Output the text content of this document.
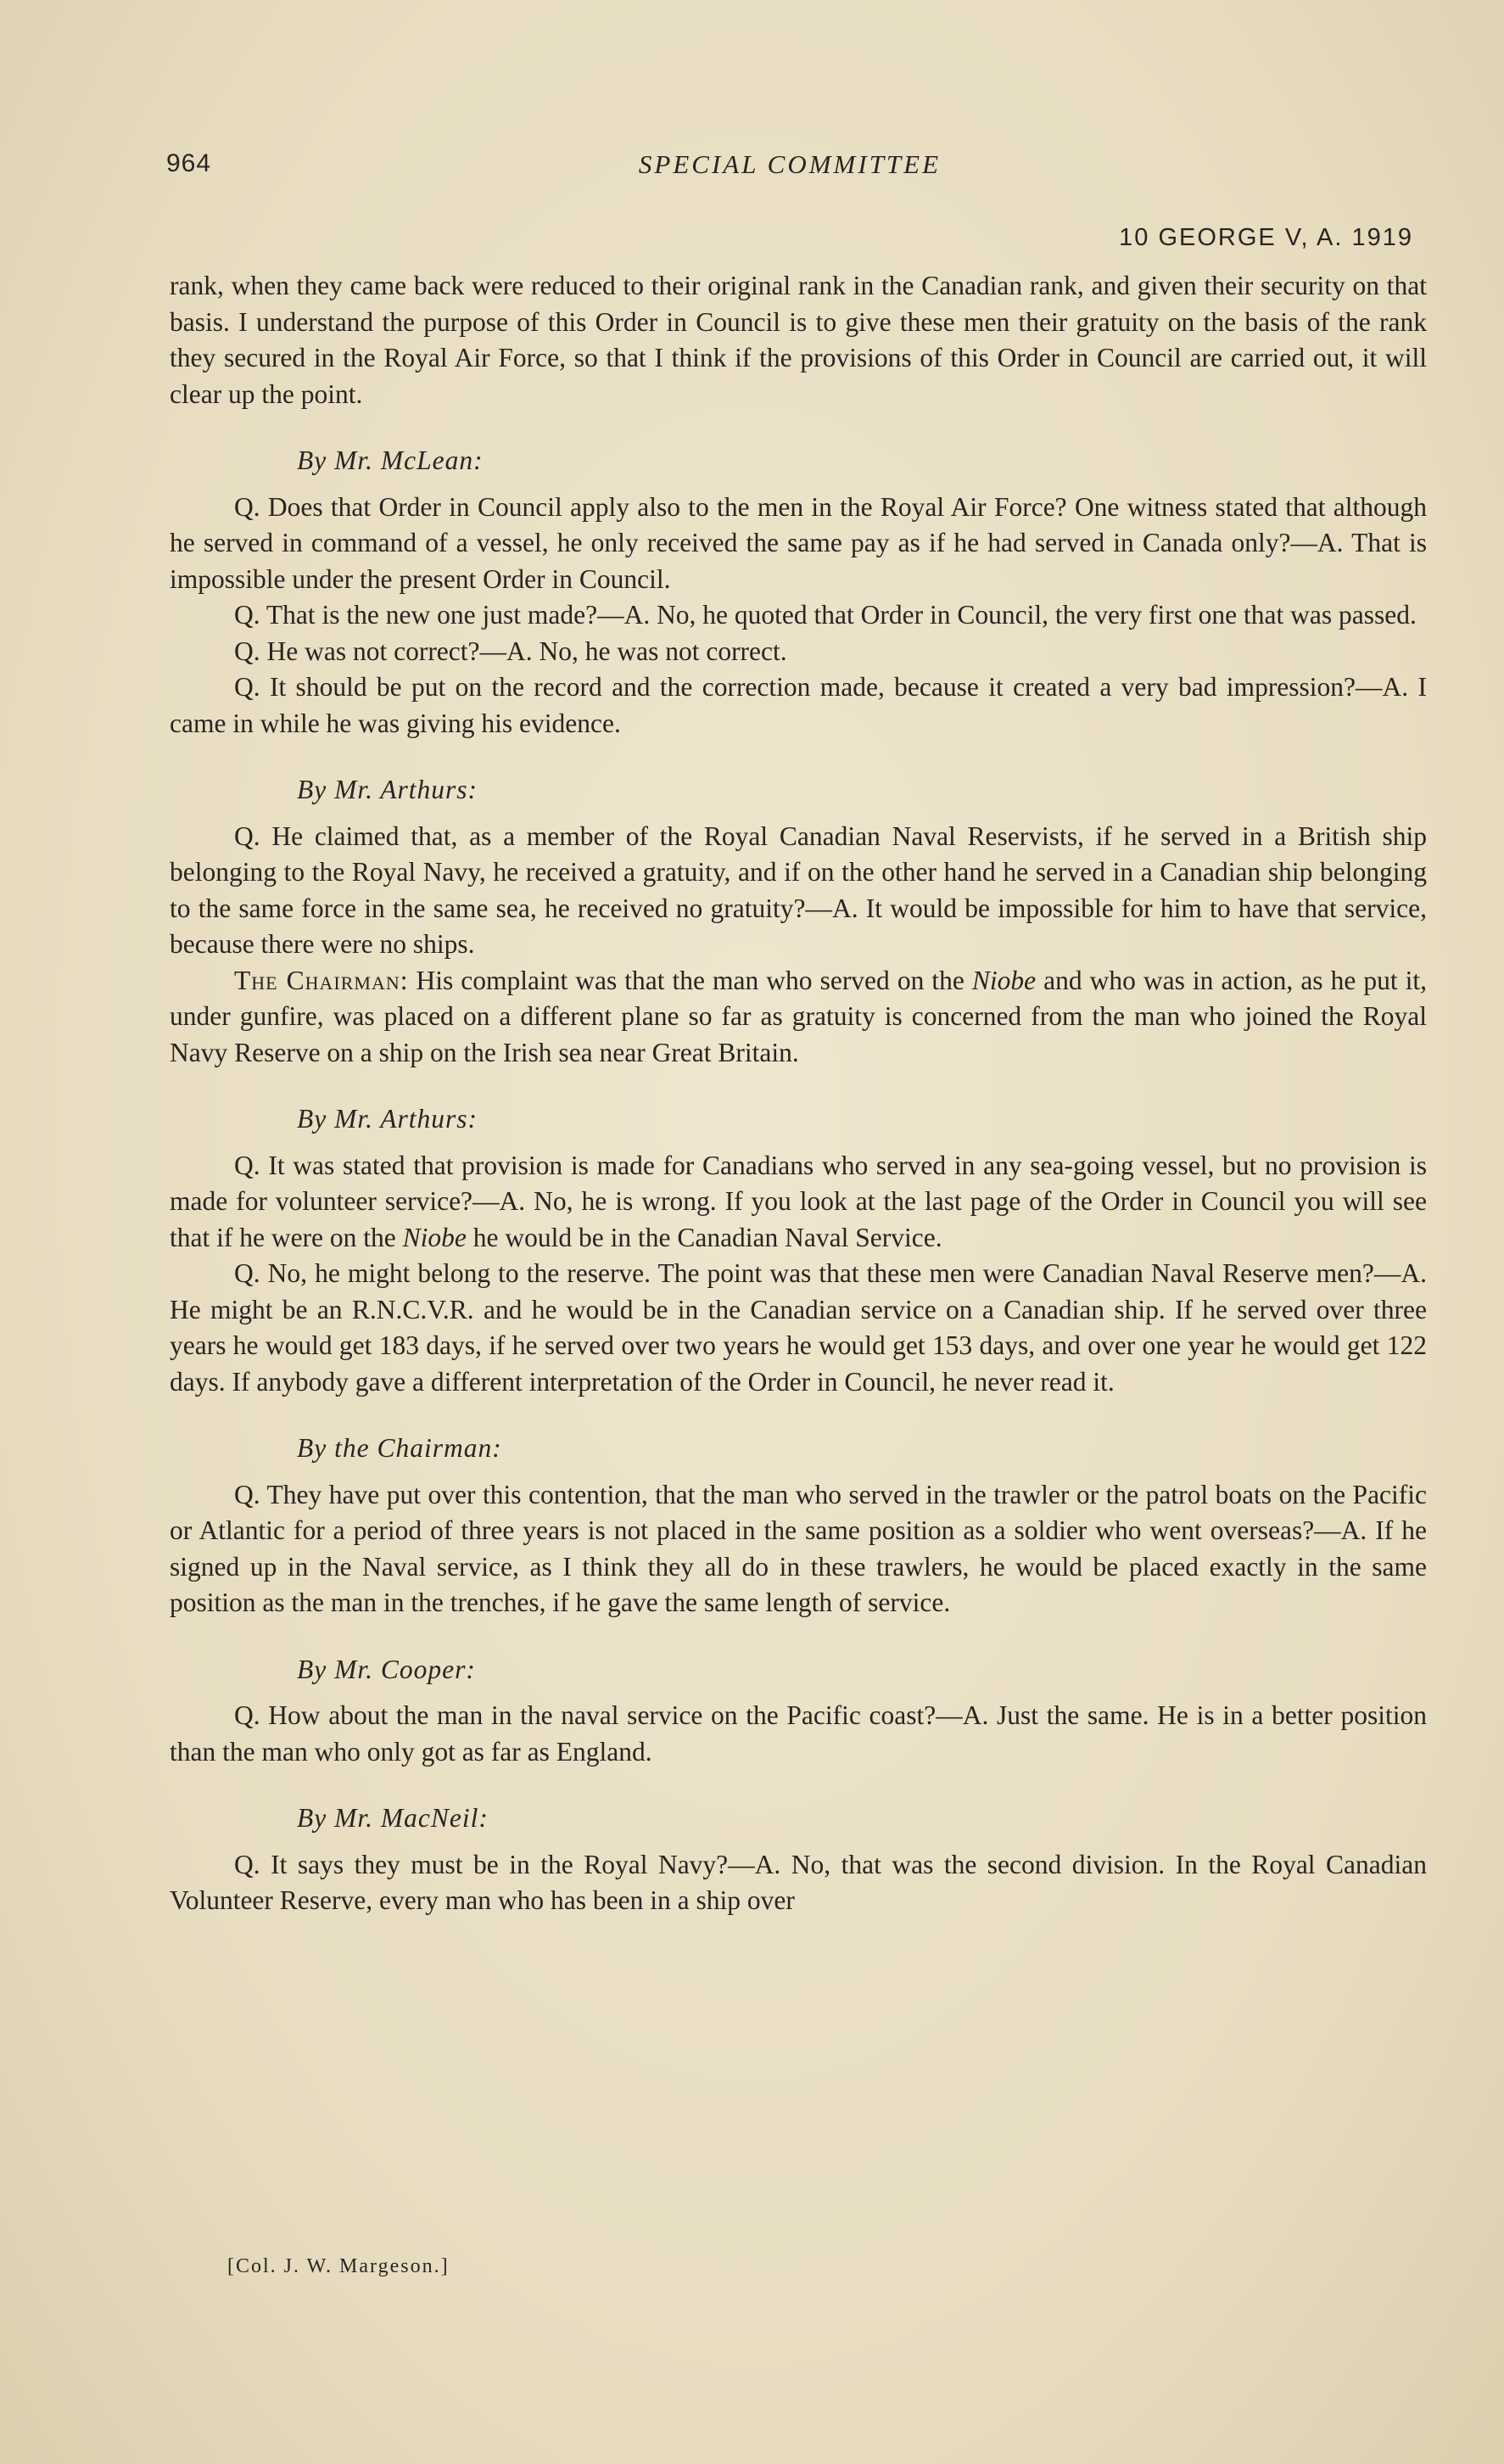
964	SPECIAL COMMITTEE
10 GEORGE V, A. 1919

rank, when they came back were reduced to their original rank in the Canadian rank, and given their security on that basis. I understand the purpose of this Order in Council is to give these men their gratuity on the basis of the rank they secured in the Royal Air Force, so that I think if the provisions of this Order in Council are carried out, it will clear up the point.

By Mr. McLean:

Q. Does that Order in Council apply also to the men in the Royal Air Force? One witness stated that although he served in command of a vessel, he only received the same pay as if he had served in Canada only?—A. That is impossible under the present Order in Council.

Q. That is the new one just made?—A. No, he quoted that Order in Council, the very first one that was passed.

Q. He was not correct?—A. No, he was not correct.

Q. It should be put on the record and the correction made, because it created a very bad impression?—A. I came in while he was giving his evidence.

By Mr. Arthurs:

Q. He claimed that, as a member of the Royal Canadian Naval Reservists, if he served in a British ship belonging to the Royal Navy, he received a gratuity, and if on the other hand he served in a Canadian ship belonging to the same force in the same sea, he received no gratuity?—A. It would be impossible for him to have that service, because there were no ships.

The Chairman: His complaint was that the man who served on the Niobe and who was in action, as he put it, under gunfire, was placed on a different plane so far as gratuity is concerned from the man who joined the Royal Navy Reserve on a ship on the Irish sea near Great Britain.

By Mr. Arthurs:

Q. It was stated that provision is made for Canadians who served in any sea-going vessel, but no provision is made for volunteer service?—A. No, he is wrong. If you look at the last page of the Order in Council you will see that if he were on the Niobe he would be in the Canadian Naval Service.

Q. No, he might belong to the reserve. The point was that these men were Canadian Naval Reserve men?—A. He might be an R.N.C.V.R. and he would be in the Canadian service on a Canadian ship. If he served over three years he would get 183 days, if he served over two years he would get 153 days, and over one year he would get 122 days. If anybody gave a different interpretation of the Order in Council, he never read it.

By the Chairman:

Q. They have put over this contention, that the man who served in the trawler or the patrol boats on the Pacific or Atlantic for a period of three years is not placed in the same position as a soldier who went overseas?—A. If he signed up in the Naval service, as I think they all do in these trawlers, he would be placed exactly in the same position as the man in the trenches, if he gave the same length of service.

By Mr. Cooper:

Q. How about the man in the naval service on the Pacific coast?—A. Just the same. He is in a better position than the man who only got as far as England.

By Mr. MacNeil:

Q. It says they must be in the Royal Navy?—A. No, that was the second division. In the Royal Canadian Volunteer Reserve, every man who has been in a ship over

[Col. J. W. Margeson.]
